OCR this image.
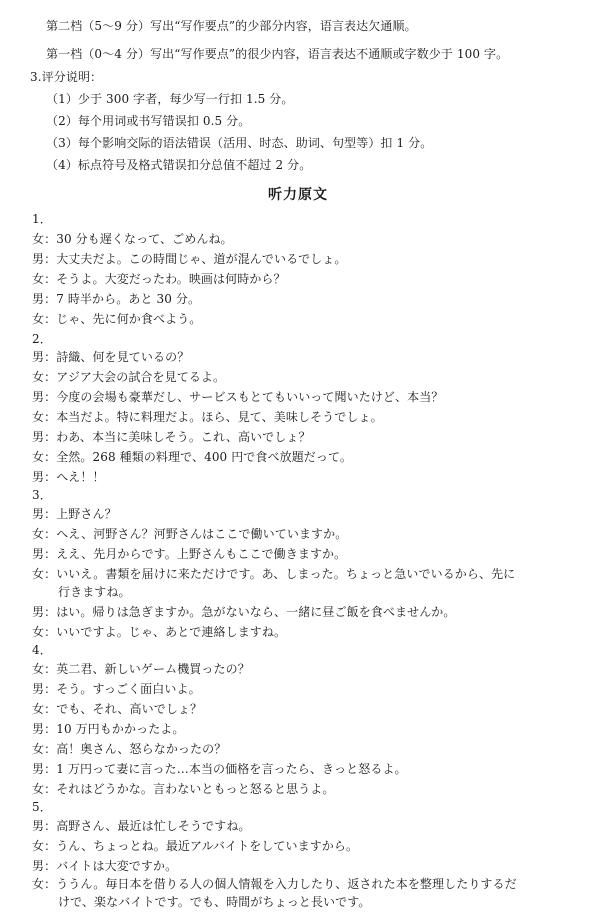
第二档（5～9 分）写出“写作要点”的少部分内容，语言表达欠通顺。
第一档（0～4 分）写出“写作要点”的很少内容，语言表达不通顺或字数少于 100 字。
3.评分说明：
（1）少于 300 字者，每少写一行扣 1.5 分。
（2）每个用词或书写错误扣 0.5 分。
（3）每个影响交际的语法错误（活用、时态、助词、句型等）扣 1 分。
（4）标点符号及格式错误扣分总值不超过 2 分。
听力原文
1．
女：30 分も遅くなって、ごめんね。
男：大丈夫だよ。この時間じゃ、道が混んでいるでしょ。
女：そうよ。大変だったわ。映画は何時から？
男：7 時半から。あと 30 分。
女：じゃ、先に何か食べよう。
2．
男：詩織、何を見ているの？
女：アジア大会の試合を見てるよ。
男：今度の会場も豪華だし、サービスもとてもいいって聞いたけど、本当？
女：本当だよ。特に料理だよ。ほら、見て、美味しそうでしょ。
男：わあ、本当に美味しそう。これ、高いでしょ？
女：全然。268 種類の料理で、400 円で食べ放題だって。
男：へえ！！
3．
男：上野さん？
女：へえ、河野さん？河野さんはここで働いていますか。
男：ええ、先月からです。上野さんもここで働きますか。
女：いいえ。書類を届けに来ただけです。あ、しまった。ちょっと急いでいるから、先に
行きますね。
男：はい。帰りは急ぎますか。急がないなら、一緒に昼ご飯を食べませんか。
女：いいですよ。じゃ、あとで連絡しますね。
4．
女：英二君、新しいゲーム機買ったの？
男：そう。すっごく面白いよ。
女：でも、それ、高いでしょ？
男：10 万円もかかったよ。
女：高！奥さん、怒らなかったの？
男：1 万円って妻に言った…本当の価格を言ったら、きっと怒るよ。
女：それはどうかな。言わないともっと怒ると思うよ。
5．
男：高野さん、最近は忙しそうですね。
女：うん、ちょっとね。最近アルバイトをしていますから。
男：バイトは大変ですか。
女：ううん。毎日本を借りる人の個人情報を入力したり、返された本を整理したりするだ
けで、楽なバイトです。でも、時間がちょっと長いです。
